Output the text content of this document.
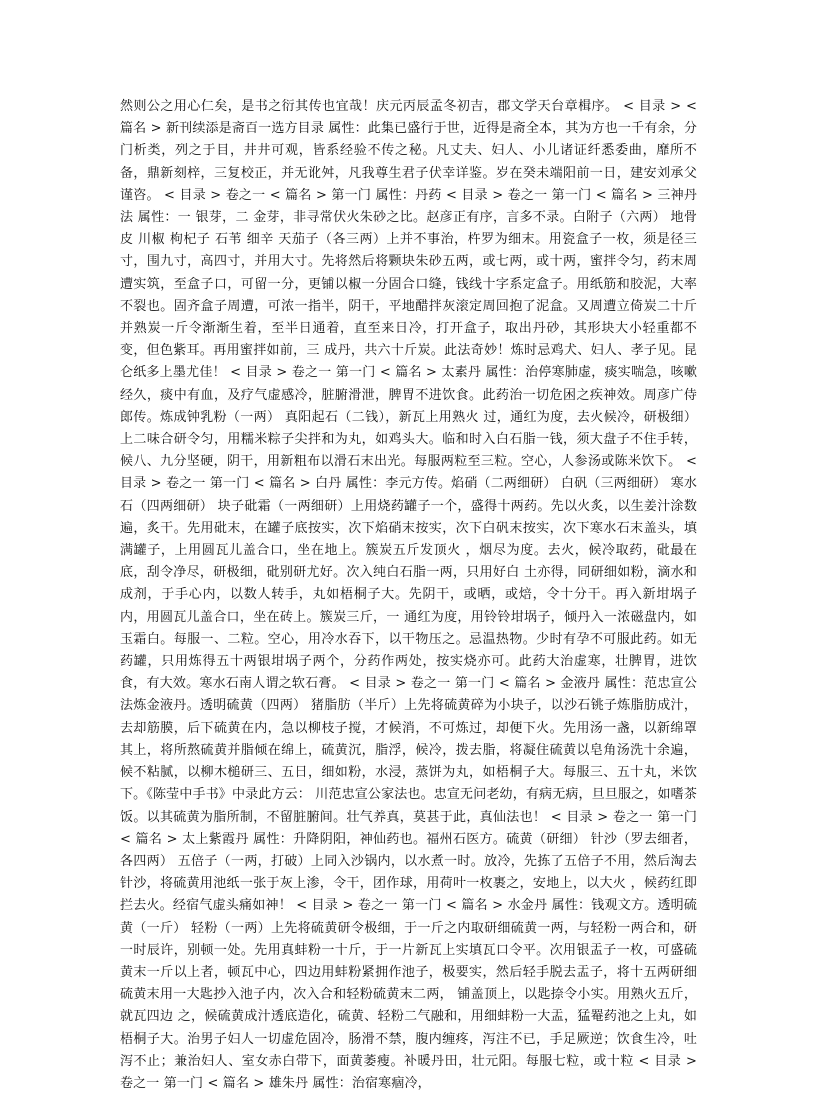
然则公之用心仁矣，是书之衍其传也宜哉！庆元丙辰孟冬初吉，郡文学天台章楫序。 < 目录 > < 篇名 > 新刊续添是斋百一选方目录 属性：此集已盛行于世，近得是斋全本，其为方也一千有余，分门析类，列之于目，井井可观，皆系经验不传之秘。凡丈夫、妇人、小儿诸证纤悉委曲，靡所不备，鼎新刻梓，三复校正，并无讹舛，凡我尊生君子伏幸详鉴。岁在癸未端阳前一日，建安刘承父谨咨。 < 目录 > 卷之一 < 篇名 > 第一门 属性：丹药 < 目录 > 卷之一 第一门 < 篇名 > 三神丹法 属性：一 银芽，二 金芽，非寻常伏火朱砂之比。赵彦正有序，言多不录。白附子（六两） 地骨皮 川椒 枸杞子 石苇 细辛 天茄子（各三两）上并不事治，杵罗为细末。用瓷盒子一枚，须是径三寸，围九寸，高四寸，并用大寸。先将然后将颗块朱砂五两，或七两，或十两，蜜拌令匀，药末周遭实筑，至盒子口，可留一分，更铺以椒一分固合口缝，钱线十字系定盒子。用纸筋和胶泥，大率不裂也。固齐盒子周遭，可浓一指半，阴干，平地醋拌灰滚定周回抱了泥盒。又周遭立倚炭二十斤并熟炭一斤令渐渐生着，至半日通着，直至来日冷，打开盒子，取出丹砂，其形块大小轻重都不变，但色紫耳。再用蜜拌如前，三 成丹，共六十斤炭。此法奇妙！炼时忌鸡犬、妇人、孝子见。昆仑纸多上墨尤佳！ < 目录 > 卷之一 第一门 < 篇名 > 太素丹 属性：治停寒肺虚，痰实喘急，咳嗽经久，痰中有血，及疗气虚感冷，脏腑滑泄，脾胃不进饮食。此药治一切危困之疾神效。周彦广侍郎传。炼成钟乳粉（一两） 真阳起石（二钱），新瓦上用熟火 过，通红为度，去火候冷，研极细）上二味合研令匀，用糯米粽子尖拌和为丸，如鸡头大。临和时入白石脂一钱，须大盘子不住手转，候八、九分坚硬，阴干，用新粗布以滑石末出光。每服两粒至三粒。空心，人参汤或陈米饮下。 < 目录 > 卷之一 第一门 < 篇名 > 白丹 属性：李元方传。焰硝（二两细研） 白矾（三两细研） 寒水石（四两细研） 块子砒霜（一两细研）上用烧药罐子一个，盛得十两药。先以火炙，以生姜汁涂数遍，炙干。先用砒末，在罐子底按实，次下焰硝末按实，次下白矾末按实，次下寒水石末盖头，填满罐子，上用圆瓦儿盖合口，坐在地上。簇炭五斤发顶火 ，烟尽为度。去火，候冷取药，砒最在底，刮令净尽，研极细，砒别研尤好。次入纯白石脂一两，只用好白 土亦得，同研细如粉，滴水和成剂，于手心内，以数人转手，丸如梧桐子大。先阴干，或晒，或焙，令十分干。再入新坩埚子内，用圆瓦儿盖合口，坐在砖上。簇炭三斤，一 通红为度，用铃铃坩埚子，倾丹入一浓磁盘内，如玉霜白。每服一、二粒。空心，用冷水吞下，以干物压之。忌温热物。少时有孕不可服此药。如无药罐，只用炼得五十两银坩埚子两个，分药作两处，按实烧亦可。此药大治虚寒，壮脾胃，进饮食，有大效。寒水石南人谓之软石膏。 < 目录 > 卷之一 第一门 < 篇名 > 金液丹 属性：范忠宣公法炼金液丹。透明硫黄（四两） 猪脂肪（半斤）上先将硫黄碎为小块子，以沙石铫子炼脂肪成汁，去却筋膜，后下硫黄在内，急以柳枝子搅，才候消，不可炼过，却便下火。先用汤一盏，以新绵罩其上，将所熬硫黄并脂倾在绵上，硫黄沉，脂浮，候冷，拨去脂，将凝住硫黄以皂角汤洗十余遍，候不粘腻，以柳木槌研三、五日，细如粉，水浸，蒸饼为丸，如梧桐子大。每服三、五十丸，米饮下。《陈莹中手书》中录此方云： 川范忠宣公家法也。忠宣无问老幼，有病无病，旦旦服之，如嗜茶饭。以其硫黄为脂所制，不留脏腑间。壮气养真，莫甚于此，真仙法也！ < 目录 > 卷之一 第一门 < 篇名 > 太上紫霞丹 属性：升降阴阳，神仙药也。福州石医方。硫黄（研细） 针沙（罗去细者，各四两） 五倍子（一两，打破）上同入沙锅内，以水煮一时。放冷，先拣了五倍子不用，然后淘去针沙，将硫黄用池纸一张于灰上渗，令干，团作球，用荷叶一枚裹之，安地上，以大火 ，候药红即拦去火。经宿气虚头痛如神！ < 目录 > 卷之一 第一门 < 篇名 > 水金丹 属性：钱观文方。透明硫黄（一斤） 轻粉（一两）上先将硫黄研令极细，于一斤之内取研细硫黄一两，与轻粉一两合和，研一时辰许，别顿一处。先用真蚌粉一十斤，于一片新瓦上实填瓦口令平。次用银盂子一枚，可盛硫黄末一斤以上者，顿瓦中心，四边用蚌粉紧拥作池子，极要实，然后轻手脱去盂子，将十五两研细硫黄末用一大匙抄入池子内，次入合和轻粉硫黄末二两， 铺盖顶上，以匙捺令小实。用熟火五斤，就瓦四边 之，候硫黄成汁透底造化，硫黄、轻粉二气融和，用细蚌粉一大盂，猛罨药池之上丸，如梧桐子大。治男子妇人一切虚危固冷，肠滑不禁，腹内缠疼，泻注不已，手足厥逆；饮食生冷，吐泻不止；兼治妇人、室女赤白带下，面黄萎瘦。补暖丹田，壮元阳。每服七粒，或十粒 < 目录 > 卷之一 第一门 < 篇名 > 雄朱丹 属性：治宿寒痼冷，
